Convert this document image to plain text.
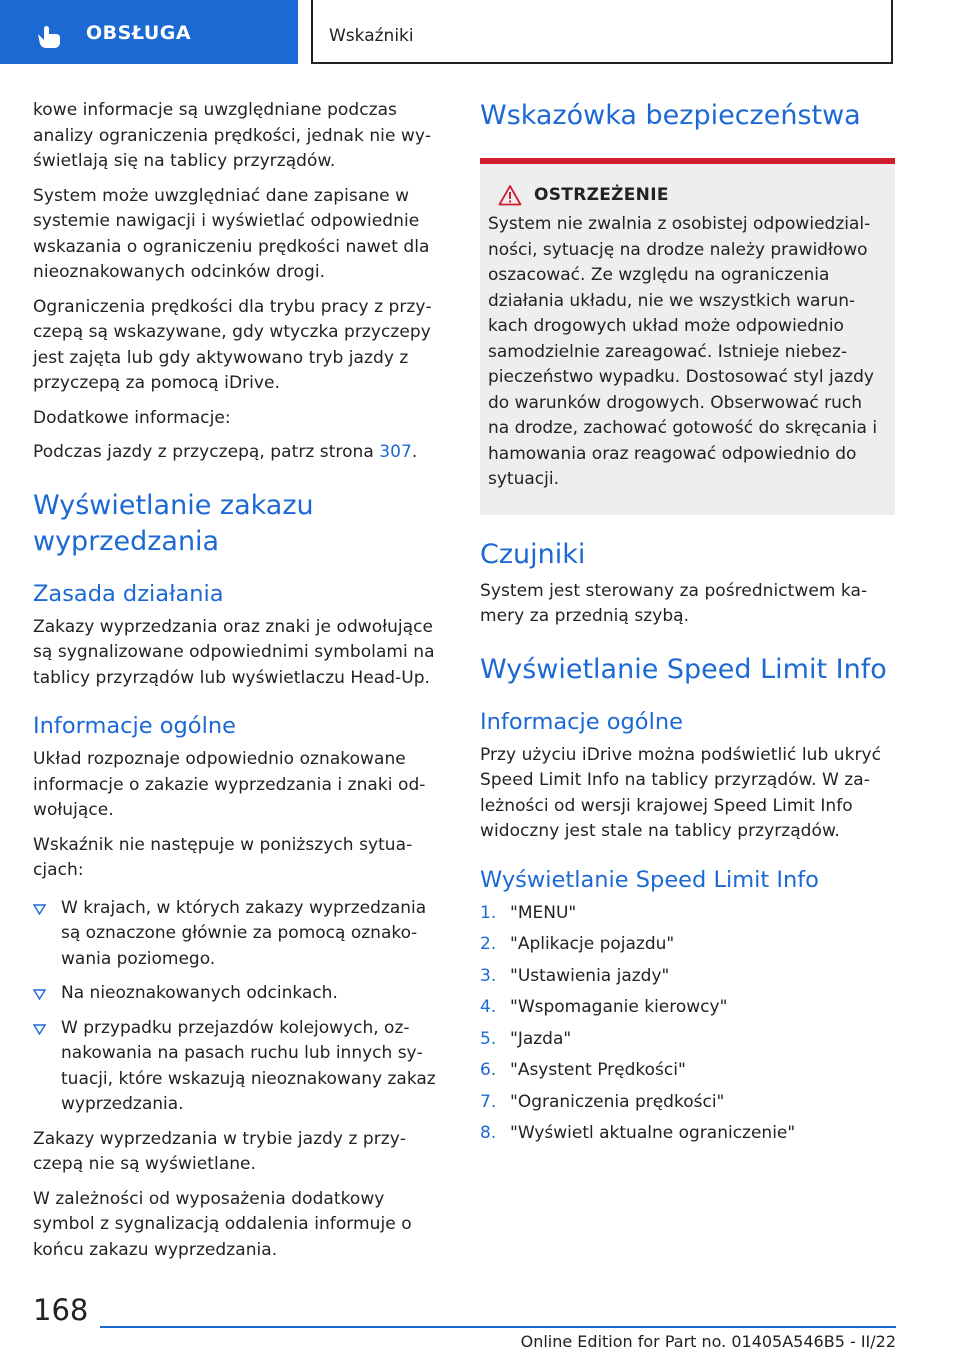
OBSŁUGA	Wskaźniki

kowe informacje są uwzględniane podczas analizy ograniczenia prędkości, jednak nie wyświetlają się na tablicy przyrządów.

System może uwzględniać dane zapisane w systemie nawigacji i wyświetlać odpowiednie wskazania o ograniczeniu prędkości nawet dla nieoznakowanych odcinków drogi.

Ograniczenia prędkości dla trybu pracy z przyczepą są wskazywane, gdy wtyczka przyczepy jest zajęta lub gdy aktywowano tryb jazdy z przyczepą za pomocą iDrive.

Dodatkowe informacje:

Podczas jazdy z przyczepą, patrz strona 307.

Wyświetlanie zakazu wyprzedzania
Zasada działania

Zakazy wyprzedzania oraz znaki je odwołujące są sygnalizowane odpowiednimi symbolami na tablicy przyrządów lub wyświetlaczu Head-Up.

Informacje ogólne

Układ rozpoznaje odpowiednio oznakowane informacje o zakazie wyprzedzania i znaki odwołujące.

Wskaźnik nie następuje w poniższych sytuacjach:

W krajach, w których zakazy wyprzedzania są oznaczone głównie za pomocą oznakowania poziomego.
Na nieoznakowanych odcinkach.
W przypadku przejazdów kolejowych, oznakowania na pasach ruchu lub innych sytuacji, które wskazują nieoznakowany zakaz wyprzedzania.

Zakazy wyprzedzania w trybie jazdy z przyczepą nie są wyświetlane.

W zależności od wyposażenia dodatkowy symbol z sygnalizacją oddalenia informuje o końcu zakazu wyprzedzania.

Wskazówka bezpieczeństwa
OSTRZEŻENIE

System nie zwalnia z osobistej odpowiedzialności, sytuację na drodze należy prawidłowo oszacować. Ze względu na ograniczenia działania układu, nie we wszystkich warunkach drogowych układ może odpowiednio samodzielnie zareagować. Istnieje niebezpieczeństwo wypadku. Dostosować styl jazdy do warunków drogowych. Obserwować ruch na drodze, zachować gotowość do skręcania i hamowania oraz reagować odpowiednio do sytuacji.

Czujniki

System jest sterowany za pośrednictwem kamery za przednią szybą.

Wyświetlanie Speed Limit Info
Informacje ogólne

Przy użyciu iDrive można podświetlić lub ukryć Speed Limit Info na tablicy przyrządów. W zależności od wersji krajowej Speed Limit Info widoczny jest stale na tablicy przyrządów.

Wyświetlanie Speed Limit Info
1. "MENU"
2. "Aplikacje pojazdu"
3. "Ustawienia jazdy"
4. "Wspomaganie kierowcy"
5. "Jazda"
6. "Asystent Prędkości"
7. "Ograniczenia prędkości"
8. "Wyświetl aktualne ograniczenie"
168
Online Edition for Part no. 01405A546B5 - II/22
